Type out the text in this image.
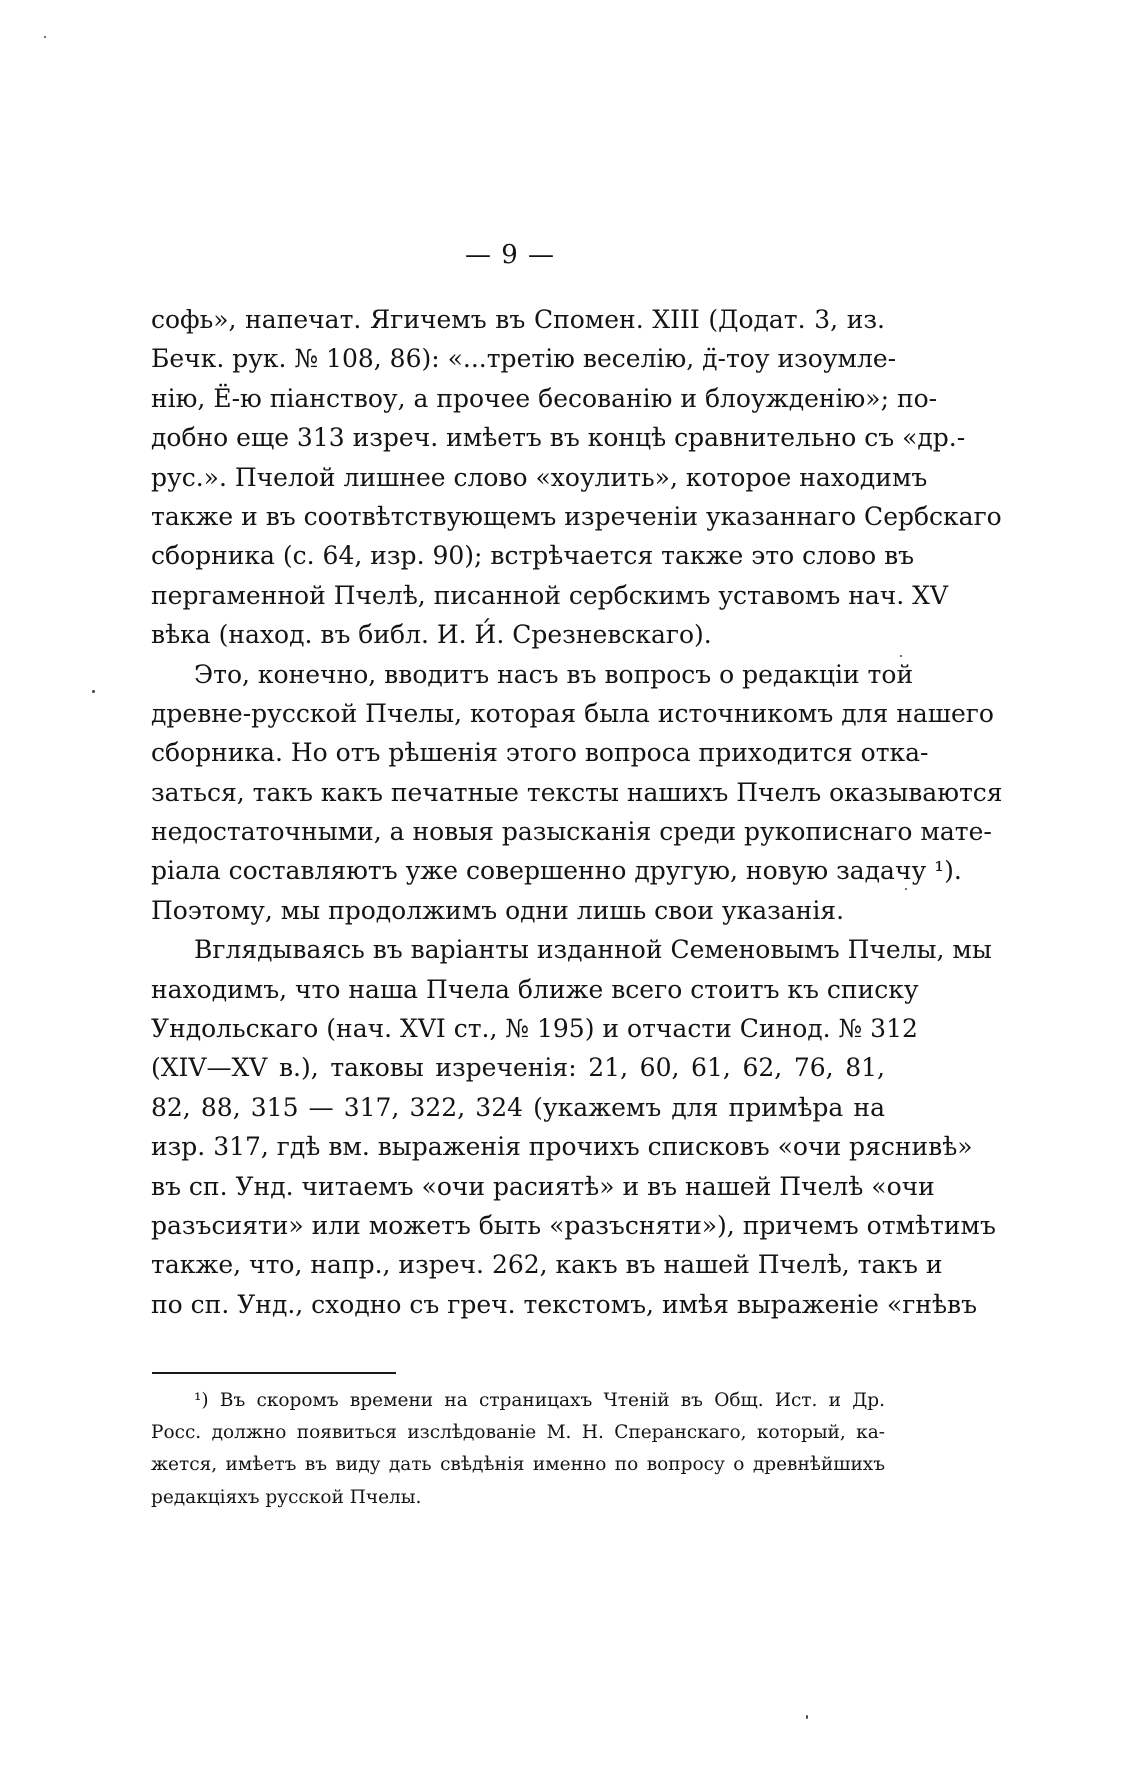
— 9 —
софь», напечат. Ягичемъ въ Спомен. XIII (Додат. 3, из.
Бечк. рук. № 108, 86): «...третію веселію, д̈-тоу изоумле-
нію, Ё-ю піанствоу, а прочее бесованію и блоужденію»; по-
добно еще 313 изреч. имѣетъ въ концѣ сравнительно съ «др.-
рус.». Пчелой лишнее слово «хоулить», которое находимъ
также и въ соотвѣтствующемъ изреченіи указаннаго Сербскаго
сборника (с. 64, изр. 90); встрѣчается также это слово въ
пергаменной Пчелѣ, писанной сербскимъ уставомъ нач. XV
вѣка (наход. въ библ. И. И́. Срезневскаго).
Это, конечно, вводитъ насъ въ вопросъ о редакціи той
древне-русской Пчелы, которая была источникомъ для нашего
сборника. Но отъ рѣшенія этого вопроса приходится отка-
заться, такъ какъ печатные тексты нашихъ Пчелъ оказываются
недостаточными, а новыя разысканія среди рукописнаго мате-
ріала составляютъ уже совершенно другую, новую задачу ¹).
Поэтому, мы продолжимъ одни лишь свои указанія.
Вглядываясь въ варіанты изданной Семеновымъ Пчелы, мы
находимъ, что наша Пчела ближе всего стоитъ къ списку
Ундольскаго (нач. XVI ст., № 195) и отчасти Синод. № 312
(XIV—XV в.), таковы изреченія: 21, 60, 61, 62, 76, 81,
82, 88, 315 — 317, 322, 324 (укажемъ для примѣра на
изр. 317, гдѣ вм. выраженія прочихъ списковъ «очи ряснивѣ»
въ сп. Унд. читаемъ «очи расиятѣ» и въ нашей Пчелѣ «очи
разъсияти» или можетъ быть «разъсняти»), причемъ отмѣтимъ
также, что, напр., изреч. 262, какъ въ нашей Пчелѣ, такъ и
по сп. Унд., сходно съ греч. текстомъ, имѣя выраженіе «гнѣвъ
¹) Въ скоромъ времени на страницахъ Чтеній въ Общ. Ист. и Др.
Росс. должно появиться изслѣдованіе М. Н. Сперанскаго, который, ка-
жется, имѣетъ въ виду дать свѣдѣнія именно по вопросу о древнѣйшихъ
редакціяхъ русской Пчелы.
